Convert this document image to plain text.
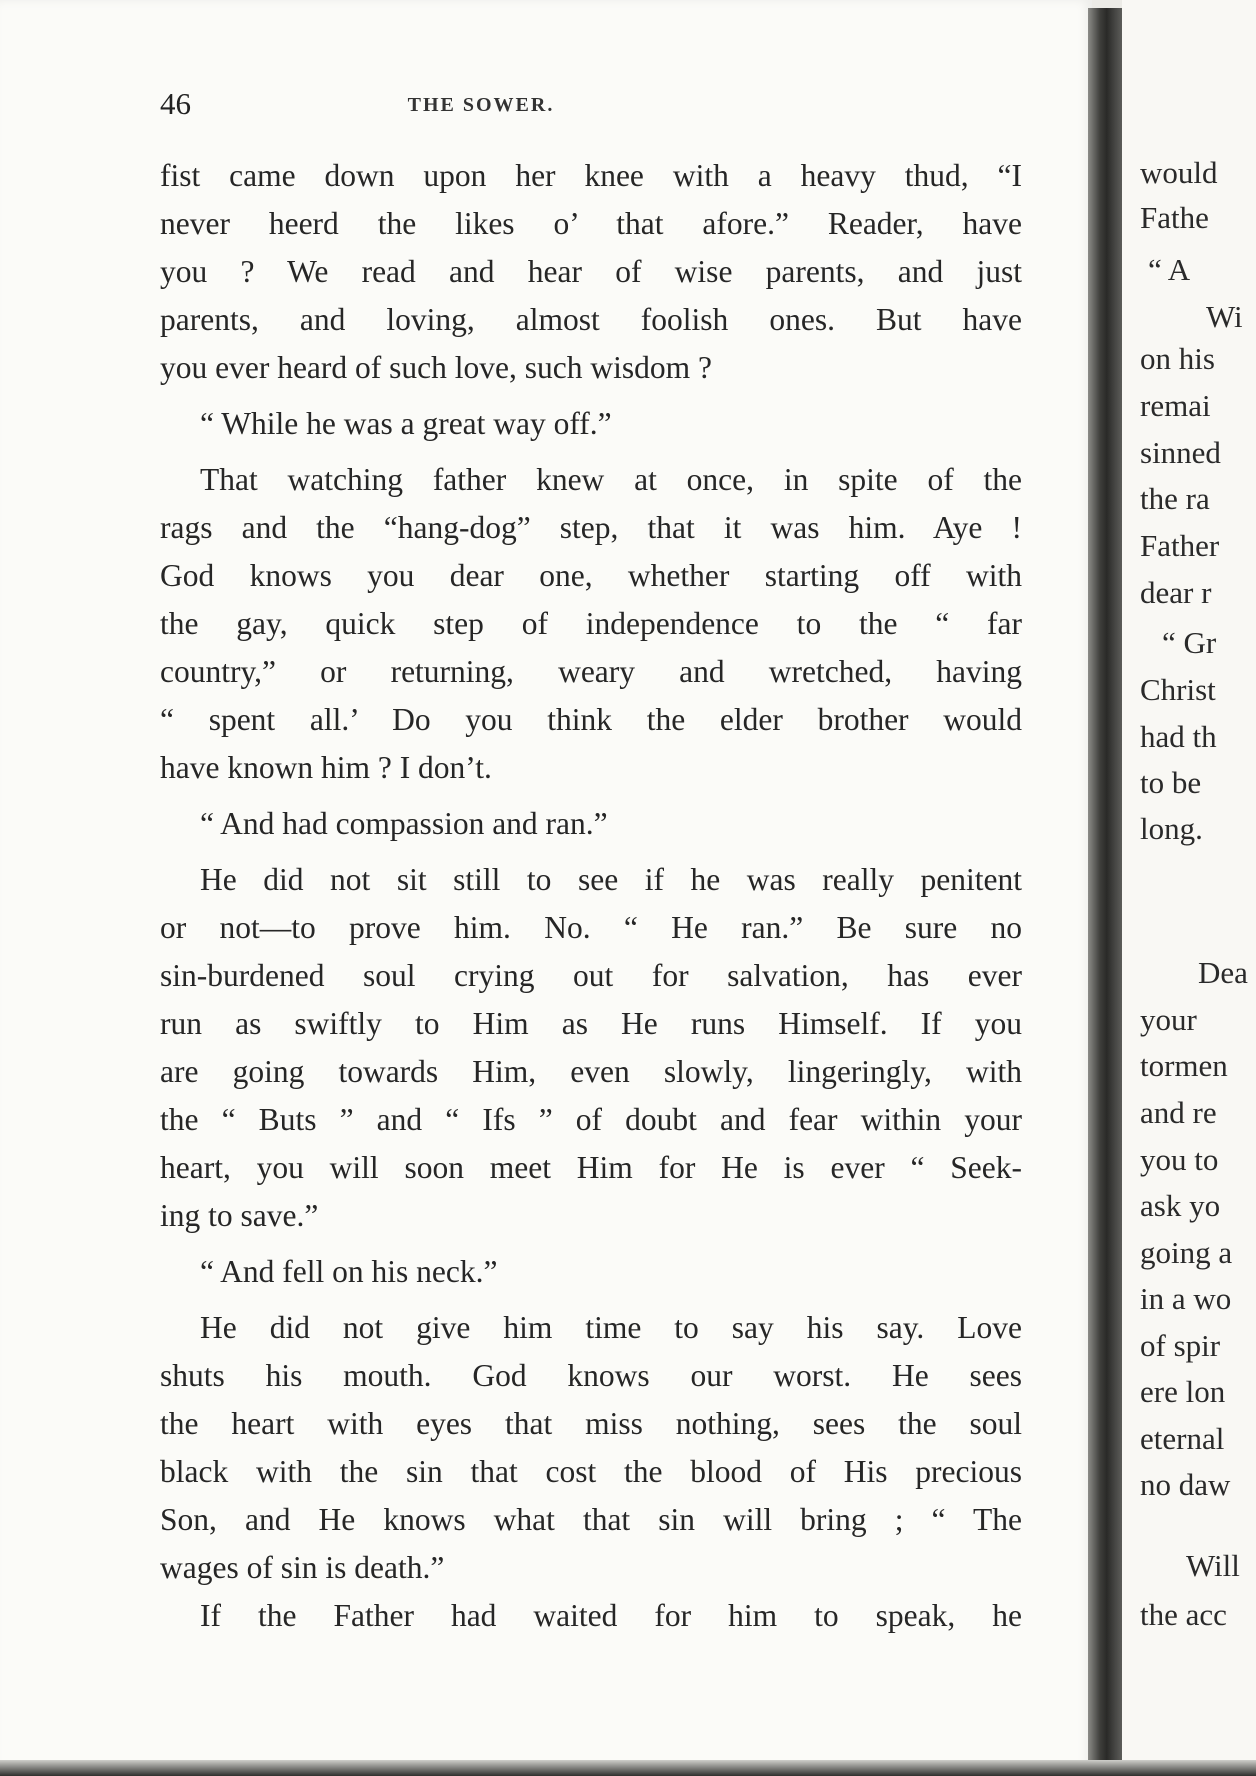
would
Fathe
“ A
Wi
on his
remai
sinned
the ra
Father
dear r
“ Gr
Christ
had th
to be
long.
Dea
your
tormen
and re
you to
ask yo
going a
in a wo
of spir
ere lon
eternal
no daw
Will
the acc
46	THE SOWER.
fist came down upon her knee with a heavy thud, “I
never heerd the likes o’ that afore.” Reader, have
you ? We read and hear of wise parents, and just
parents, and loving, almost foolish ones. But have
you ever heard of such love, such wisdom ?
“ While he was a great way off.”
That watching father knew at once, in spite of the
rags and the “hang-dog” step, that it was him. Aye !
God knows you dear one, whether starting off with
the gay, quick step of independence to the “ far
country,” or returning, weary and wretched, having
“ spent all.’ Do you think the elder brother would
have known him ? I don’t.
“ And had compassion and ran.”
He did not sit still to see if he was really penitent
or not—to prove him. No. “ He ran.” Be sure no
sin-burdened soul crying out for salvation, has ever
run as swiftly to Him as He runs Himself. If you
are going towards Him, even slowly, lingeringly, with
the “ Buts ” and “ Ifs ” of doubt and fear within your
heart, you will soon meet Him for He is ever “ Seek-
ing to save.”
“ And fell on his neck.”
He did not give him time to say his say. Love
shuts his mouth. God knows our worst. He sees
the heart with eyes that miss nothing, sees the soul
black with the sin that cost the blood of His precious
Son, and He knows what that sin will bring ; “ The
wages of sin is death.”
If the Father had waited for him to speak, he
